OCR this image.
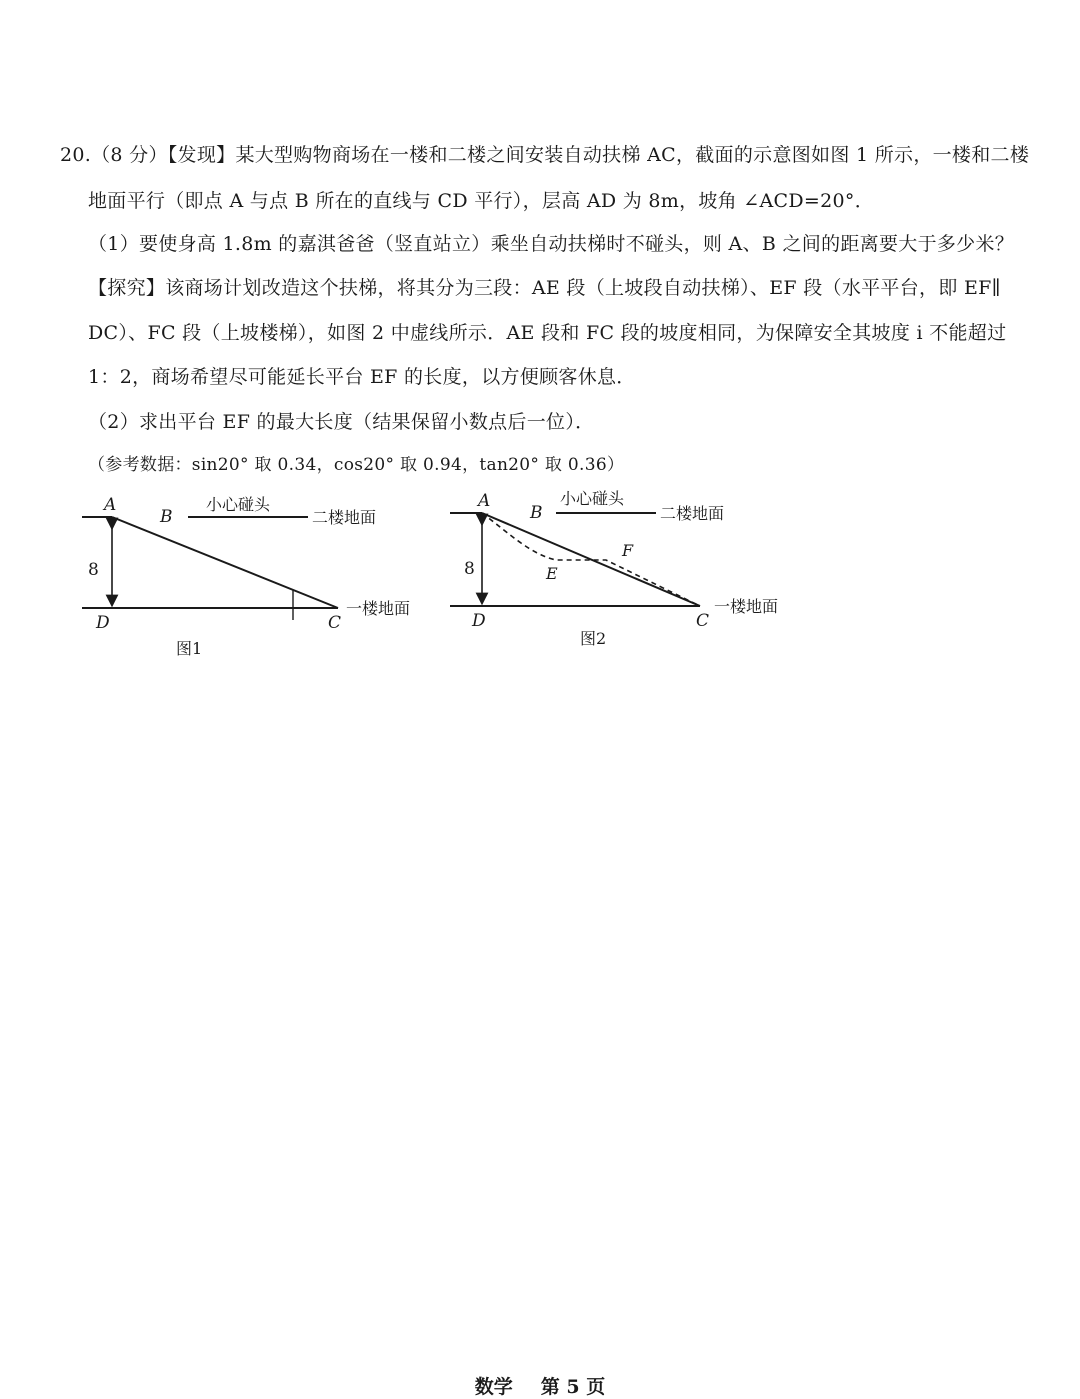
20.（8 分）【发现】某大型购物商场在一楼和二楼之间安装自动扶梯 AC，截面的示意图如图 1 所示，一楼和二楼
地面平行（即点 A 与点 B 所在的直线与 CD 平行），层高 AD 为 8m，坡角 ∠ACD=20°．
（1）要使身高 1.8m 的嘉淇爸爸（竖直站立）乘坐自动扶梯时不碰头，则 A、B 之间的距离要大于多少米？
【探究】该商场计划改造这个扶梯，将其分为三段：AE 段（上坡段自动扶梯）、EF 段（水平平台，即 EF∥
DC）、FC 段（上坡楼梯），如图 2 中虚线所示．AE 段和 FC 段的坡度相同，为保障安全其坡度 i 不能超过
1：2，商场希望尽可能延长平台 EF 的长度，以方便顾客休息．
（2）求出平台 EF 的最大长度（结果保留小数点后一位）．
（参考数据：sin20° 取 0.34，cos20° 取 0.94，tan20° 取 0.36）
A
B
小心碰头
二楼地面
8
D	C
一楼地面
图1
A
B
小心碰头
二楼地面
8	E
F
D	C
一楼地面
图2
数学 第 5 页
